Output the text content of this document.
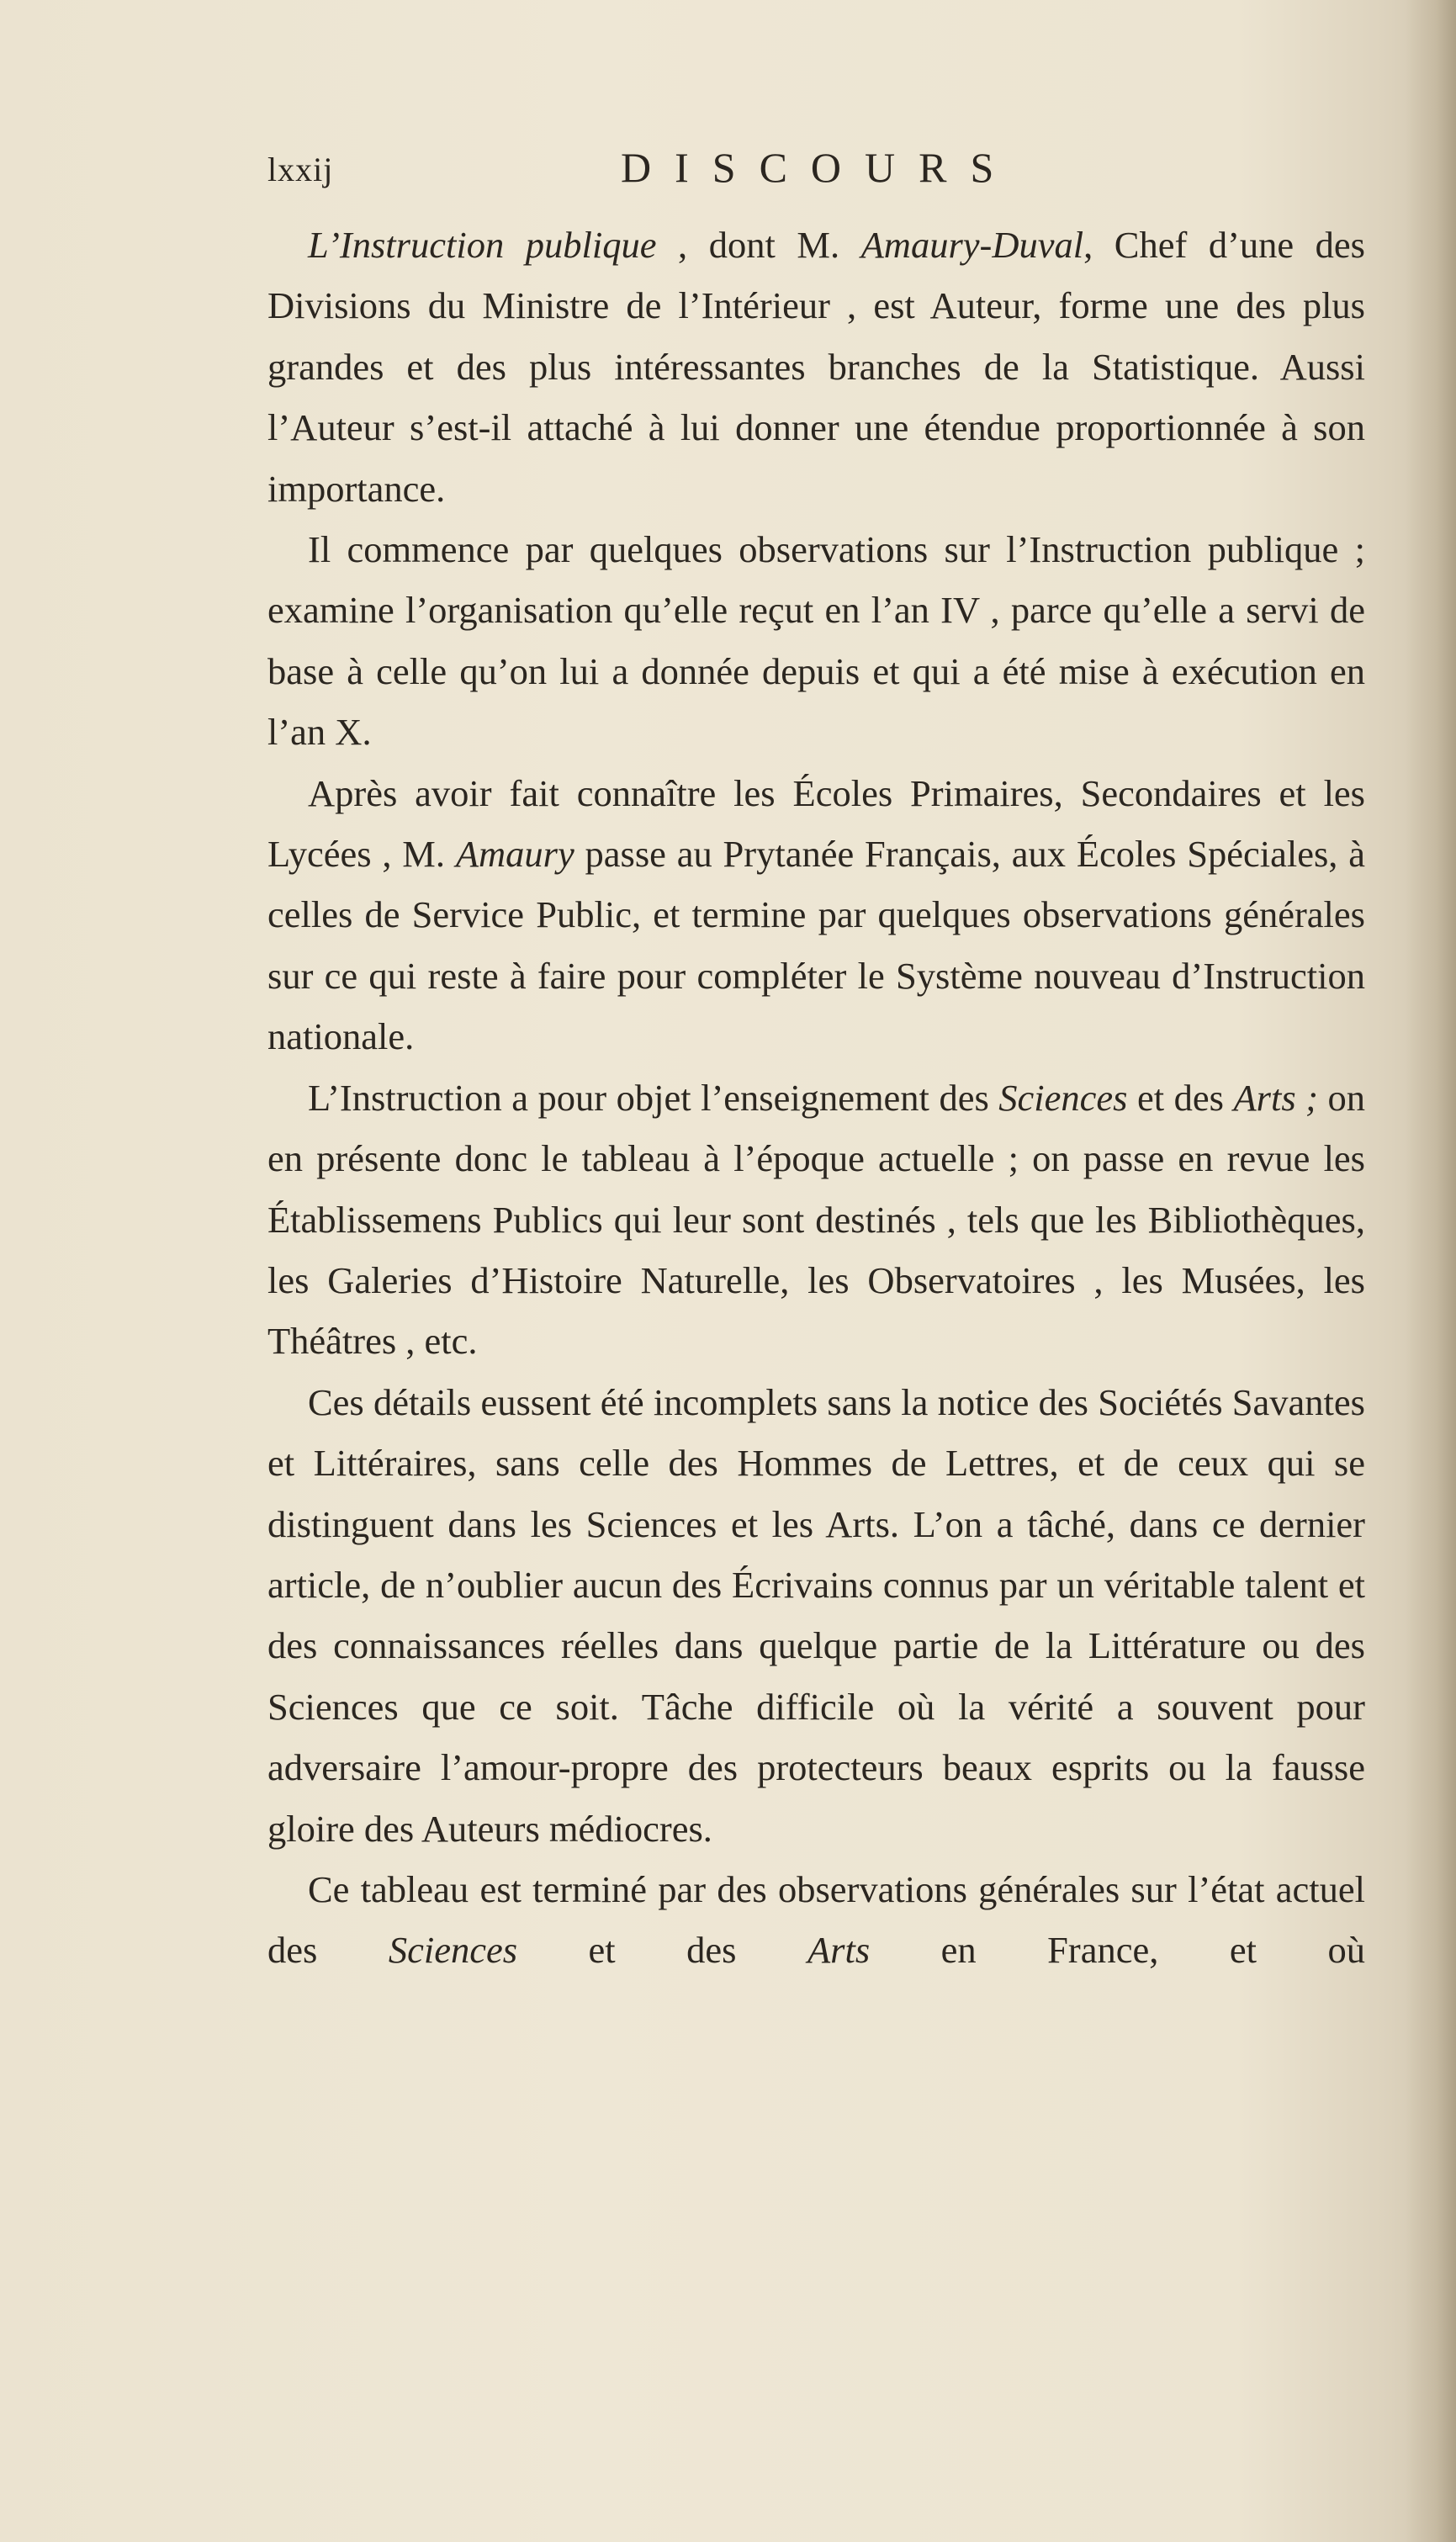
lxxij	DISCOURS

L’Instruction publique , dont M. Amaury-Duval, Chef d’une des Divisions du Ministre de l’Intérieur , est Auteur, forme une des plus grandes et des plus intéressantes branches de la Statistique. Aussi l’Auteur s’est-il attaché à lui donner une étendue proportionnée à son importance.

Il commence par quelques observations sur l’Instruction publique ; examine l’organisation qu’elle reçut en l’an IV , parce qu’elle a servi de base à celle qu’on lui a donnée depuis et qui a été mise à exécution en l’an X.

Après avoir fait connaître les Écoles Primaires, Secondaires et les Lycées , M. Amaury passe au Prytanée Français, aux Écoles Spéciales, à celles de Service Public, et termine par quelques observations générales sur ce qui reste à faire pour compléter le Système nouveau d’Instruction nationale.

L’Instruction a pour objet l’enseignement des Sciences et des Arts ; on en présente donc le tableau à l’époque actuelle ; on passe en revue les Établissemens Publics qui leur sont destinés , tels que les Bibliothèques, les Galeries d’Histoire Naturelle, les Observatoires , les Musées, les Théâtres , etc.

Ces détails eussent été incomplets sans la notice des Sociétés Savantes et Littéraires, sans celle des Hommes de Lettres, et de ceux qui se distinguent dans les Sciences et les Arts. L’on a tâché, dans ce dernier article, de n’oublier aucun des Écrivains connus par un véritable talent et des connaissances réelles dans quelque partie de la Littérature ou des Sciences que ce soit. Tâche difficile où la vérité a souvent pour adversaire l’amour-propre des protecteurs beaux esprits ou la fausse gloire des Auteurs médiocres.

Ce tableau est terminé par des observations générales sur l’état actuel des Sciences et des Arts en France, et où
